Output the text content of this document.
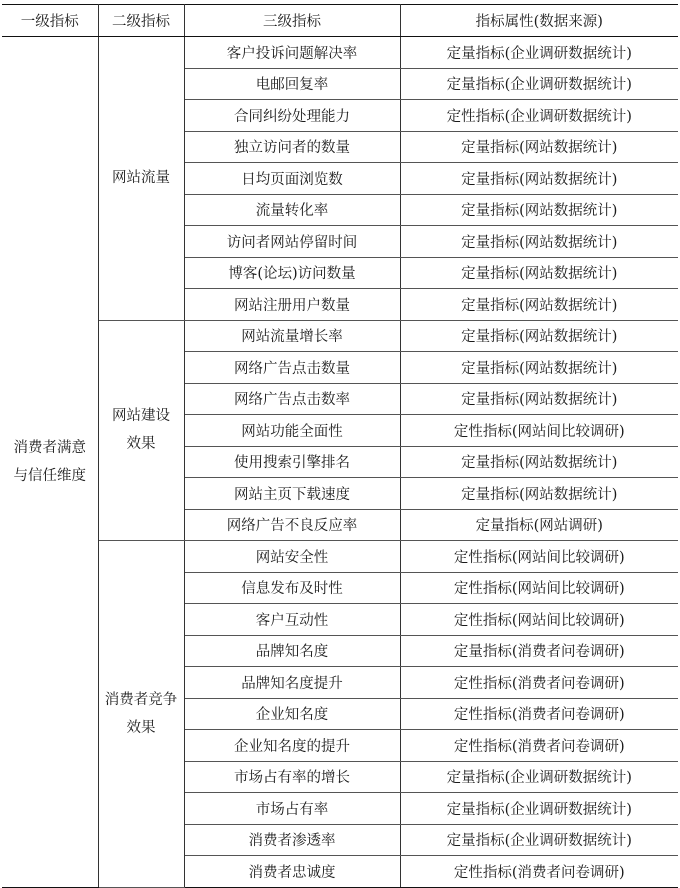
一级指标	二级指标	三级指标	指标属性(数据来源)

消费者满意
与信任维度	网站流量	客户投诉问题解决率	定量指标(企业调研数据统计)
		电邮回复率	定量指标(企业调研数据统计)
		合同纠纷处理能力	定性指标(企业调研数据统计)
		独立访问者的数量	定量指标(网站数据统计)
		日均页面浏览数	定量指标(网站数据统计)
		流量转化率	定量指标(网站数据统计)
		访问者网站停留时间	定量指标(网站数据统计)
		博客(论坛)访问数量	定量指标(网站数据统计)
		网站注册用户数量	定量指标(网站数据统计)

	网站建设
效果	网站流量增长率	定量指标(网站数据统计)
		网络广告点击数量	定量指标(网站数据统计)
		网络广告点击数率	定量指标(网站数据统计)
		网站功能全面性	定性指标(网站间比较调研)
		使用搜索引擎排名	定量指标(网站数据统计)
		网站主页下载速度	定量指标(网站数据统计)
		网络广告不良反应率	定量指标(网站调研)

	消费者竞争
效果	网站安全性	定性指标(网站间比较调研)
		信息发布及时性	定性指标(网站间比较调研)
		客户互动性	定性指标(网站间比较调研)
		品牌知名度	定量指标(消费者问卷调研)
		品牌知名度提升	定性指标(消费者问卷调研)
		企业知名度	定性指标(消费者问卷调研)
		企业知名度的提升	定性指标(消费者问卷调研)
		市场占有率的增长	定量指标(企业调研数据统计)
		市场占有率	定量指标(企业调研数据统计)
		消费者渗透率	定量指标(企业调研数据统计)
		消费者忠诚度	定性指标(消费者问卷调研)
